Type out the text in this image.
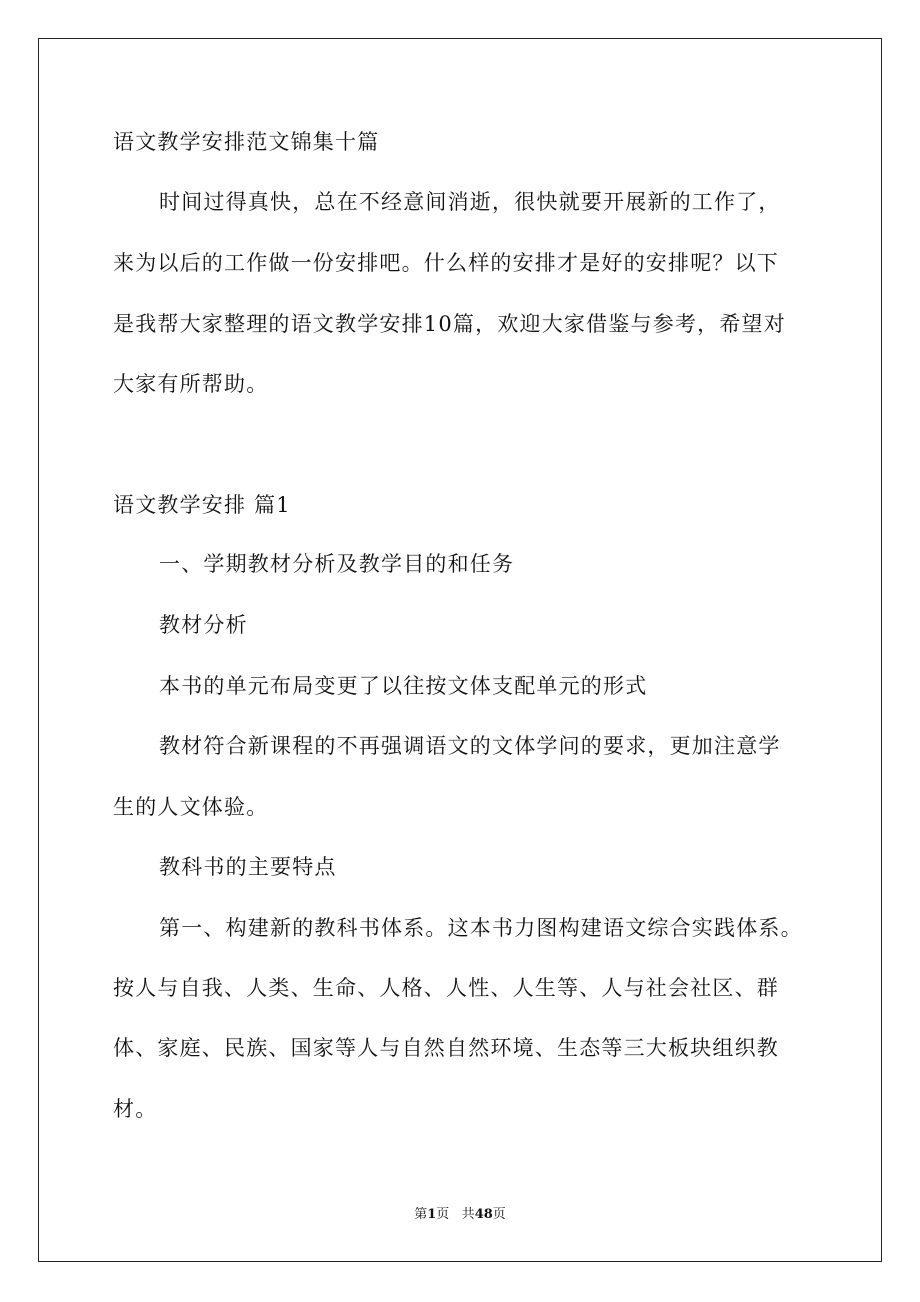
语文教学安排范文锦集十篇
时间过得真快，总在不经意间消逝，很快就要开展新的工作了，
来为以后的工作做一份安排吧。什么样的安排才是好的安排呢？以下
是我帮大家整理的语文教学安排10篇，欢迎大家借鉴与参考，希望对
大家有所帮助。
语文教学安排 篇1
一、学期教材分析及教学目的和任务
教材分析
本书的单元布局变更了以往按文体支配单元的形式
教材符合新课程的不再强调语文的文体学问的要求，更加注意学
生的人文体验。
教科书的主要特点
第一、构建新的教科书体系。这本书力图构建语文综合实践体系。
按人与自我、人类、生命、人格、人性、人生等、人与社会社区、群
体、家庭、民族、国家等人与自然自然环境、生态等三大板块组织教
材。
第1页 共48页
